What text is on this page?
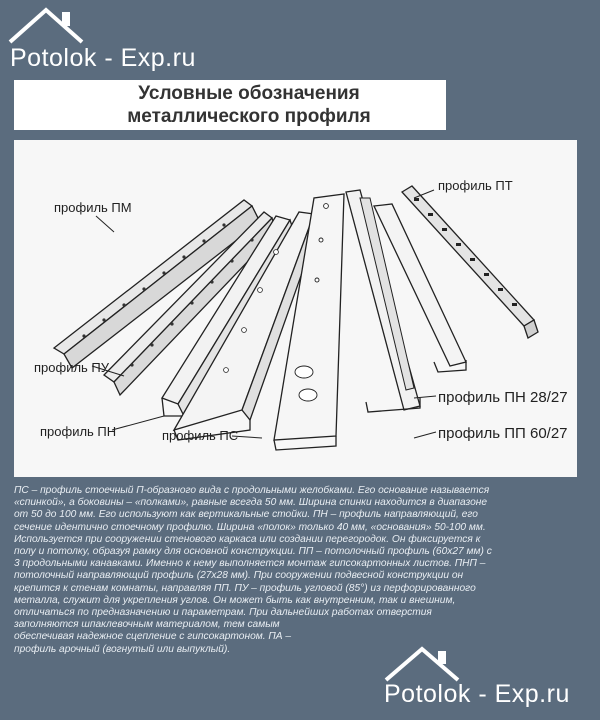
Potolok - Exp.ru
Условные обозначения
металлического профиля
профиль ПМ
профиль ПТ
профиль ПУ
профиль ПН	профиль ПС
профиль ПН 28/27
профиль ПП 60/27

ПС – профиль стоечный П-образного вида с продольными желобками. Его основание называется

«спинкой», а боковины – «полками», равные всегда 50 мм. Ширина спинки находится в диапазоне

от 50 до 100 мм. Его используют как вертикальные стойки. ПН – профиль направляющий, его

сечение идентично стоечному профилю. Ширина «полок» только 40 мм, «основания» 50-100 мм.

Используется при сооружении стенового каркаса или создании перегородок. Он фиксируется к

полу и потолку, образуя рамку для основной конструкции. ПП – потолочный профиль (60х27 мм) с

3 продольными канавками. Именно к нему выполняется монтаж гипсокартонных листов. ПНП –

потолочный направляющий профиль (27х28 мм). При сооружении подвесной конструкции он

крепится к стенам комнаты, направляя ПП. ПУ – профиль угловой (85°) из перфорированного

металла, служит для укрепления углов. Он может быть как внутренним, так и внешним,

отличаться по предназначению и параметрам. При дальнейших работах отверстия

заполняются шпаклевочным материалом, тем самым

обеспечивая надежное сцепление с гипсокартоном. ПА –

профиль арочный (вогнутый или выпуклый).

Potolok - Exp.ru
